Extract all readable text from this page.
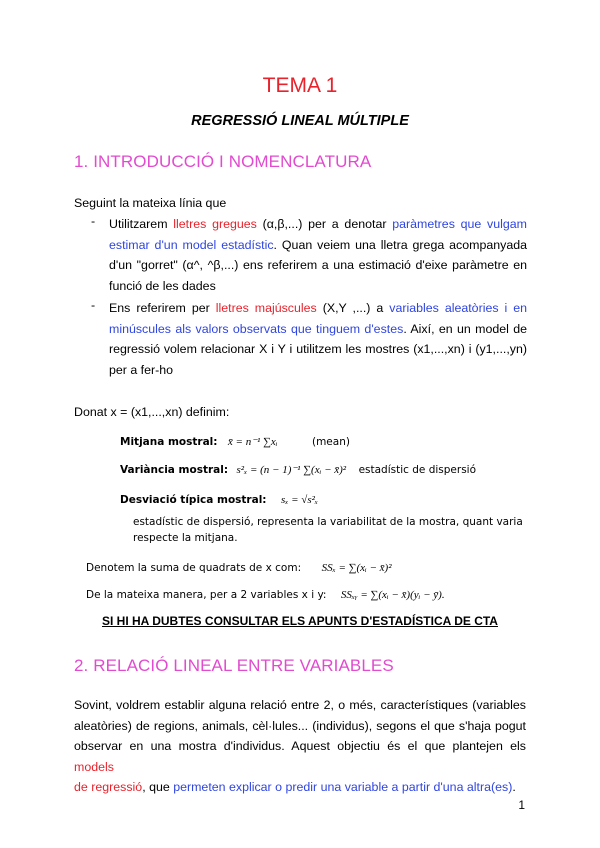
TEMA 1
REGRESSIÓ LINEAL MÚLTIPLE
1. INTRODUCCIÓ I NOMENCLATURA
Seguint la mateixa línia que
- Utilitzarem lletres gregues (α,β,...) per a denotar paràmetres que vulgam
estimar d'un model estadístic. Quan veiem una lletra grega acompanyada
d'un "gorret" (α^, ^β,...) ens referirem a una estimació d'eixe paràmetre en
funció de les dades
- Ens referirem per lletres majúscules (X,Y ,...) a variables aleatòries i en
minúscules als valors observats que tinguem d'estes. Així, en un model de
regressió volem relacionar X i Y i utilitzem les mostres (x1,...,xn) i (y1,...,yn)
per a fer-ho
Donat x = (x1,...,xn) definim:
Mitjana mostral: x̄ = n⁻¹ ∑xᵢ	(mean)
Variància mostral: s²ₓ = (n − 1)⁻¹ ∑(xᵢ − x̄)² estadístic de dispersió
Desviació típica mostral: sₓ = √s²ₓ
estadístic de dispersió, representa la variabilitat de la mostra, quant varia
respecte la mitjana.
Denotem la suma de quadrats de x com: SSₓ = ∑(xᵢ − x̄)²
De la mateixa manera, per a 2 variables x i y: SSₓᵧ = ∑(xᵢ − x̄)(yᵢ − ȳ).
SI HI HA DUBTES CONSULTAR ELS APUNTS D'ESTADÍSTICA DE CTA
2. RELACIÓ LINEAL ENTRE VARIABLES
Sovint, voldrem establir alguna relació entre 2, o més, característiques (variables
aleatòries) de regions, animals, cèl·lules... (individus), segons el que s'haja pogut
observar en una mostra d'individus. Aquest objectiu és el que plantejen els models
de regressió, que permeten explicar o predir una variable a partir d'una altra(es).
1
